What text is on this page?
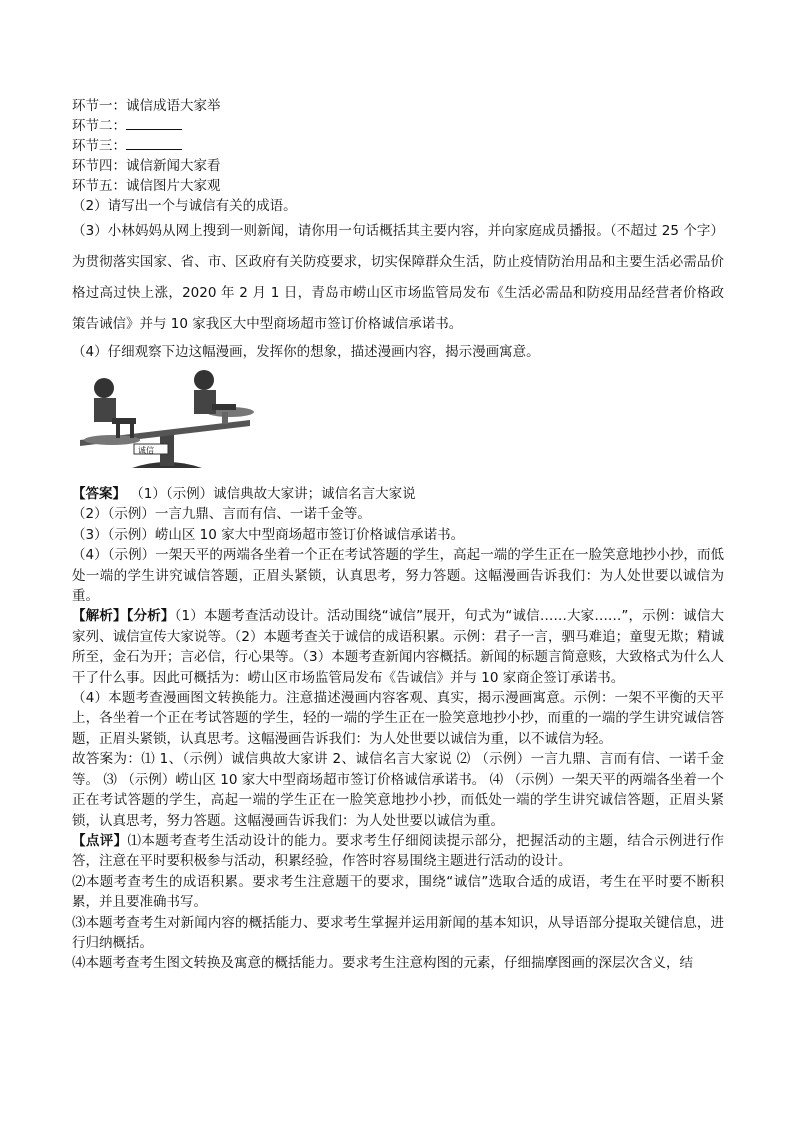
环节一：诚信成语大家举
环节二：
环节三：
环节四：诚信新闻大家看
环节五：诚信图片大家观
（2）请写出一个与诚信有关的成语。
（3）小林妈妈从网上搜到一则新闻，请你用一句话概括其主要内容，并向家庭成员播报。（不超过 25 个字）为贯彻落实国家、省、市、区政府有关防疫要求，切实保障群众生活，防止疫情防治用品和主要生活必需品价格过高过快上涨，2020 年 2 月 1 日，青岛市崂山区市场监管局发布《生活必需品和防疫用品经营者价格政策告诫信》并与 10 家我区大中型商场超市签订价格诚信承诺书。
（4）仔细观察下边这幅漫画，发挥你的想象，描述漫画内容，揭示漫画寓意。
诚信
【答案】 （1）（示例）诚信典故大家讲；诚信名言大家说
（2）（示例）一言九鼎、言而有信、一诺千金等。
（3）（示例）崂山区 10 家大中型商场超市签订价格诚信承诺书。
（4）（示例）一架天平的两端各坐着一个正在考试答题的学生，高起一端的学生正在一脸笑意地抄小抄，而低处一端的学生讲究诚信答题，正眉头紧锁，认真思考，努力答题。这幅漫画告诉我们：为人处世要以诚信为重。
【解析】【分析】（1）本题考查活动设计。活动围绕“诚信”展开，句式为“诚信……大家……”，示例：诚信大家列、诚信宣传大家说等。（2）本题考查关于诚信的成语积累。示例：君子一言，驷马难追；童叟无欺；精诚所至，金石为开；言必信，行心果等。（3）本题考查新闻内容概括。新闻的标题言简意赅，大致格式为什么人干了什么事。因此可概括为：崂山区市场监管局发布《告诚信》并与 10 家商企签订承诺书。
（4）本题考查漫画图文转换能力。注意描述漫画内容客观、真实，揭示漫画寓意。示例：一架不平衡的天平上，各坐着一个正在考试答题的学生，轻的一端的学生正在一脸笑意地抄小抄，而重的一端的学生讲究诚信答题，正眉头紧锁，认真思考。这幅漫画告诉我们：为人处世要以诚信为重，以不诚信为轻。
故答案为：⑴ 1、（示例）诚信典故大家讲 2、诚信名言大家说 ⑵ （示例）一言九鼎、言而有信、一诺千金等。 ⑶ （示例）崂山区 10 家大中型商场超市签订价格诚信承诺书。 ⑷ （示例）一架天平的两端各坐着一个正在考试答题的学生，高起一端的学生正在一脸笑意地抄小抄，而低处一端的学生讲究诚信答题，正眉头紧锁，认真思考，努力答题。这幅漫画告诉我们：为人处世要以诚信为重。
【点评】⑴本题考查考生活动设计的能力。要求考生仔细阅读提示部分，把握活动的主题，结合示例进行作答，注意在平时要积极参与活动，积累经验，作答时容易围绕主题进行活动的设计。
⑵本题考查考生的成语积累。要求考生注意题干的要求，围绕“诚信”选取合适的成语，考生在平时要不断积累，并且要准确书写。
⑶本题考查考生对新闻内容的概括能力、要求考生掌握并运用新闻的基本知识，从导语部分提取关键信息，进行归纳概括。
⑷本题考查考生图文转换及寓意的概括能力。要求考生注意构图的元素，仔细揣摩图画的深层次含义，结
